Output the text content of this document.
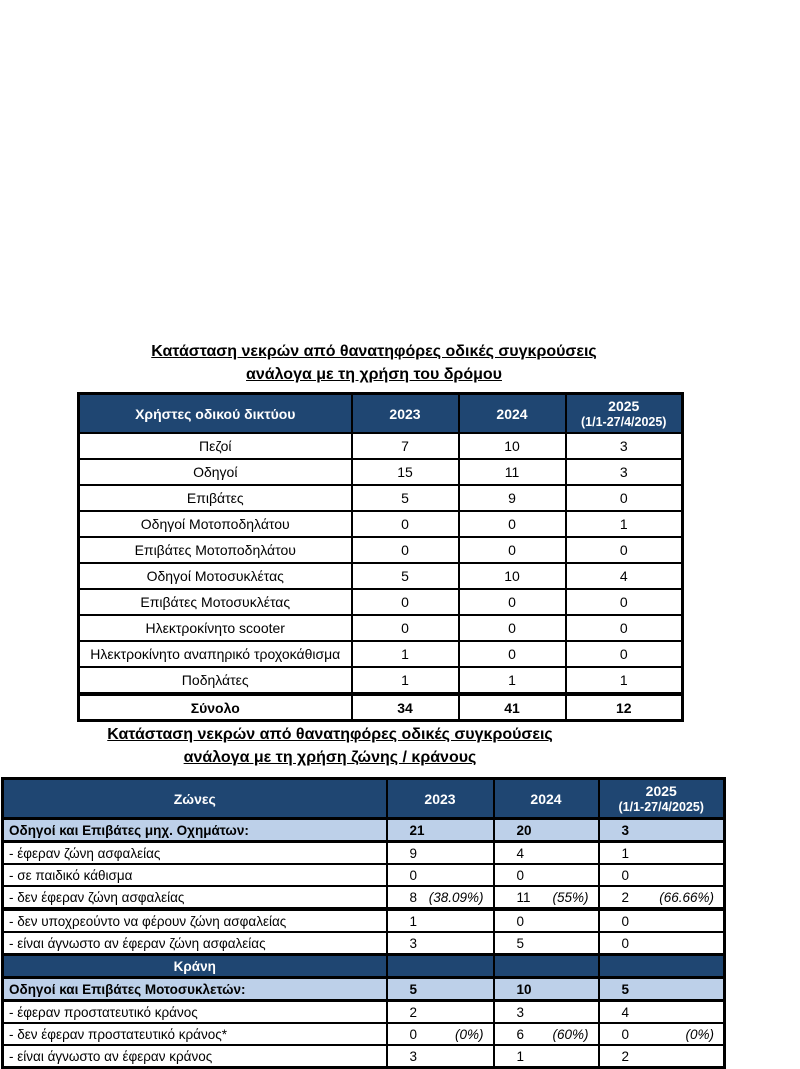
Κατάσταση νεκρών από θανατηφόρες οδικές συγκρούσεις
ανάλογα με τη χρήση του δρόμου
Χρήστες οδικού δικτύου	2023	2024	2025
(1/1-27/4/2025)

Πεζοί	7	10	3
Οδηγοί	15	11	3
Επιβάτες	5	9	0
Οδηγοί Μοτοποδηλάτου	0	0	1
Επιβάτες Μοτοποδηλάτου	0	0	0
Οδηγοί Μοτοσυκλέτας	5	10	4
Επιβάτες Μοτοσυκλέτας	0	0	0
Ηλεκτροκίνητο scooter	0	0	0
Ηλεκτροκίνητο αναπηρικό τροχοκάθισμα	1	0	0
Ποδηλάτες	1	1	1
Σύνολο	34	41	12
Κατάσταση νεκρών από θανατηφόρες οδικές συγκρούσεις
ανάλογα με τη χρήση ζώνης / κράνους
Ζώνες	2023	2024	2025
(1/1-27/4/2025)

Οδηγοί και Επιβάτες μηχ. Οχημάτων:	21	20	3

- έφεραν ζώνη ασφαλείας	9	4	1

- σε παιδικό κάθισμα	0	0	0

- δεν έφεραν ζώνη ασφαλείας	8 (38.09%)	11 (55%)	2 (66.66%)

- δεν υποχρεούντο να φέρουν ζώνη ασφαλείας	1	0	0

- είναι άγνωστο αν έφεραν ζώνη ασφαλείας	3	5	0

Κράνη	

Οδηγοί και Επιβάτες Μοτοσυκλετών:	5	10	5

- έφεραν προστατευτικό κράνος	2	3	4

- δεν έφεραν προστατευτικό κράνος*	0 (0%)	6 (60%)	0 (0%)

- είναι άγνωστο αν έφεραν κράνος	3	1	2
